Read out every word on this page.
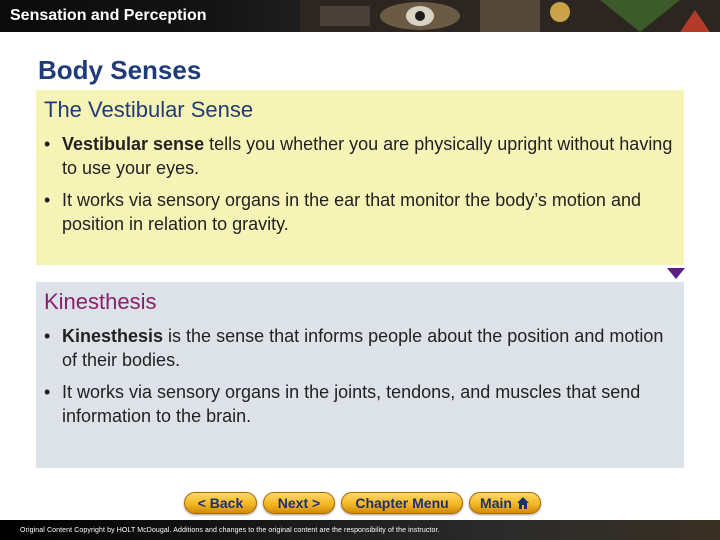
Sensation and Perception
Body Senses
The Vestibular Sense
• Vestibular sense tells you whether you are physically upright without having to use your eyes.
• It works via sensory organs in the ear that monitor the body’s motion and position in relation to gravity.
Kinesthesis
• Kinesthesis is the sense that informs people about the position and motion of their bodies.
• It works via sensory organs in the joints, tendons, and muscles that send information to the brain.
< Back	Next >	Chapter Menu	Main
Original Content Copyright by HOLT McDougal. Additions and changes to the original content are the responsibility of the instructor.
